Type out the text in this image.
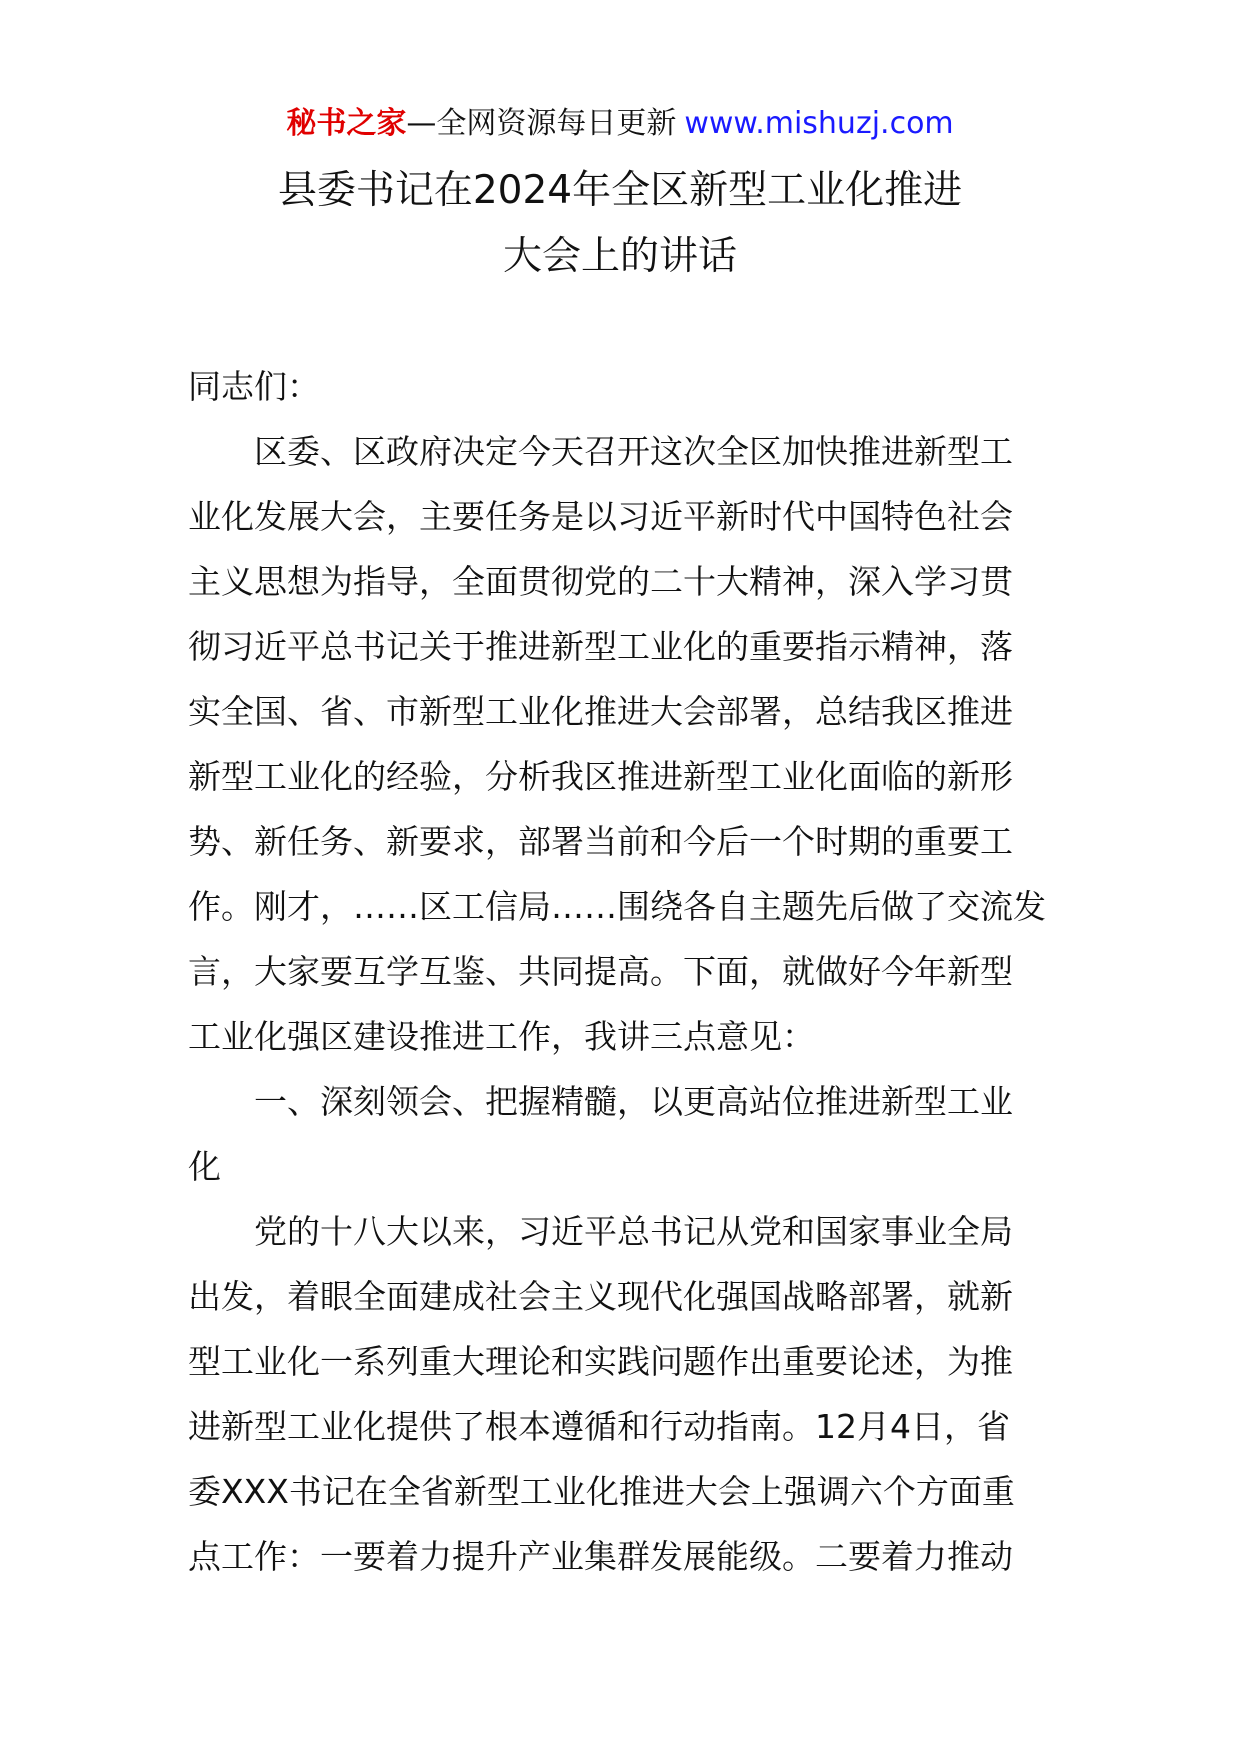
秘书之家—全网资源每日更新 www.mishuzj.com
县委书记在2024年全区新型工业化推进
大会上的讲话
同志们：
区委、区政府决定今天召开这次全区加快推进新型工
业化发展大会，主要任务是以习近平新时代中国特色社会
主义思想为指导，全面贯彻党的二十大精神，深入学习贯
彻习近平总书记关于推进新型工业化的重要指示精神，落
实全国、省、市新型工业化推进大会部署，总结我区推进
新型工业化的经验，分析我区推进新型工业化面临的新形
势、新任务、新要求，部署当前和今后一个时期的重要工
作。刚才，……区工信局……围绕各自主题先后做了交流发
言，大家要互学互鉴、共同提高。下面，就做好今年新型
工业化强区建设推进工作，我讲三点意见：
一、深刻领会、把握精髓，以更高站位推进新型工业
化
党的十八大以来，习近平总书记从党和国家事业全局
出发，着眼全面建成社会主义现代化强国战略部署，就新
型工业化一系列重大理论和实践问题作出重要论述，为推
进新型工业化提供了根本遵循和行动指南。12月4日，省
委XXX书记在全省新型工业化推进大会上强调六个方面重
点工作：一要着力提升产业集群发展能级。二要着力推动
